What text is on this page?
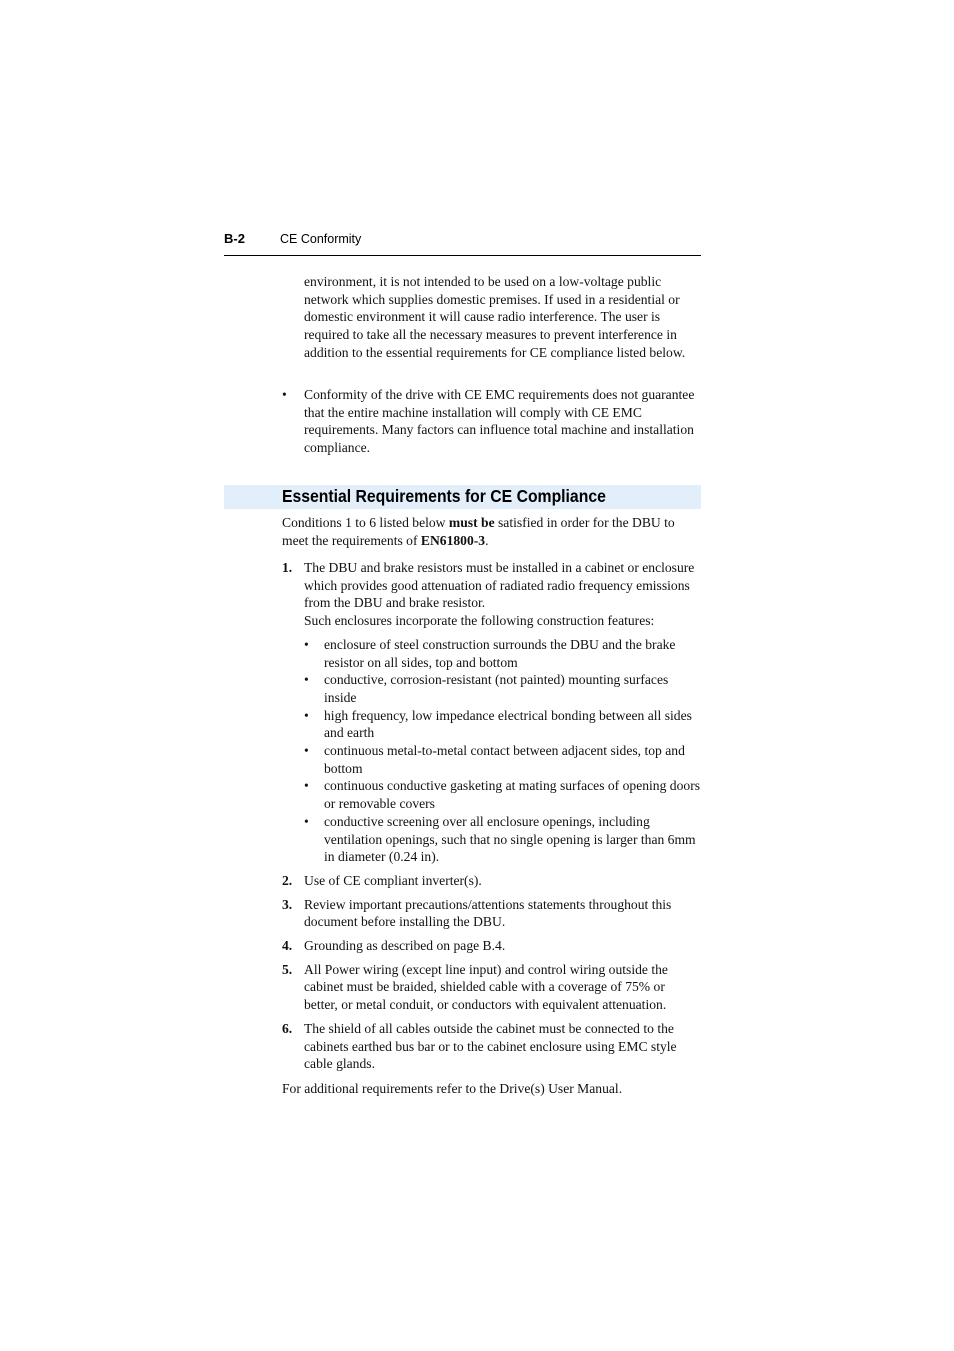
B-2	CE Conformity

environment, it is not intended to be used on a low-voltage public network which supplies domestic premises. If used in a residential or domestic environment it will cause radio interference. The user is required to take all the necessary measures to prevent interference in addition to the essential requirements for CE compliance listed below.

• Conformity of the drive with CE EMC requirements does not guarantee that the entire machine installation will comply with CE EMC requirements. Many factors can influence total machine and installation compliance.
Essential Requirements for CE Compliance

Conditions 1 to 6 listed below must be satisfied in order for the DBU to meet the requirements of EN61800-3.

1. The DBU and brake resistors must be installed in a cabinet or enclosure which provides good attenuation of radiated radio frequency emissions from the DBU and brake resistor.
Such enclosures incorporate the following construction features:
• enclosure of steel construction surrounds the DBU and the brake resistor on all sides, top and bottom
• conductive, corrosion-resistant (not painted) mounting surfaces inside
• high frequency, low impedance electrical bonding between all sides and earth
• continuous metal-to-metal contact between adjacent sides, top and bottom
• continuous conductive gasketing at mating surfaces of opening doors or removable covers
• conductive screening over all enclosure openings, including ventilation openings, such that no single opening is larger than 6mm in diameter (0.24 in).
2. Use of CE compliant inverter(s).
3. Review important precautions/attentions statements throughout this document before installing the DBU.
4. Grounding as described on page B.4.
5. All Power wiring (except line input) and control wiring outside the cabinet must be braided, shielded cable with a coverage of 75% or better, or metal conduit, or conductors with equivalent attenuation.
6. The shield of all cables outside the cabinet must be connected to the cabinets earthed bus bar or to the cabinet enclosure using EMC style cable glands.

For additional requirements refer to the Drive(s) User Manual.
